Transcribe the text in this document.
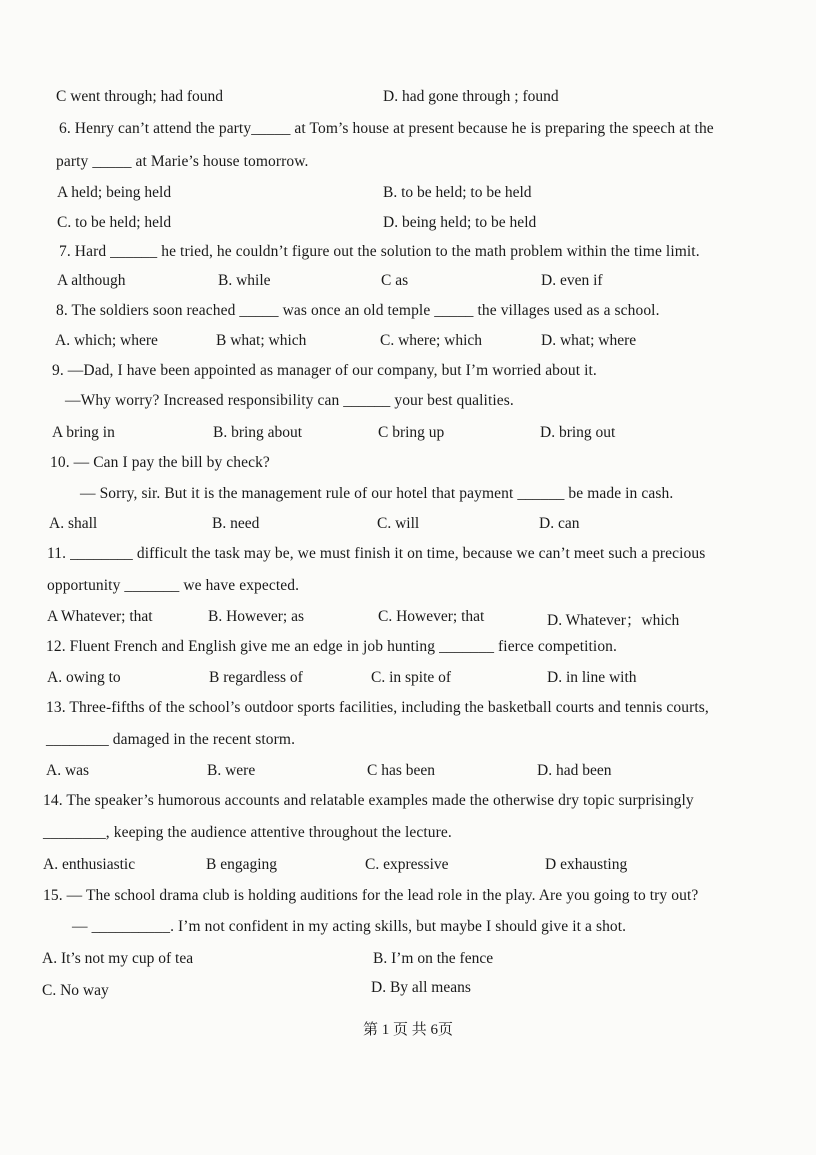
C went through; had found	D. had gone through ; found
6. Henry can’t attend the party_____ at Tom’s house at present because he is preparing the speech at the
party _____ at Marie’s house tomorrow.
A held; being held	B. to be held; to be held
C. to be held; held	D. being held; to be held
7. Hard ______ he tried, he couldn’t figure out the solution to the math problem within the time limit.
A although	B. while	C as	D. even if
8. The soldiers soon reached _____ was once an old temple _____ the villages used as a school.
A. which; where	B what; which	C. where; which	D. what; where
9. —Dad, I have been appointed as manager of our company, but I’m worried about it.
—Why worry? Increased responsibility can ______ your best qualities.
A bring in	B. bring about	C bring up	D. bring out
10. — Can I pay the bill by check?
— Sorry, sir. But it is the management rule of our hotel that payment ______ be made in cash.
A. shall	B. need	C. will	D. can
11. ________ difficult the task may be, we must finish it on time, because we can’t meet such a precious
opportunity _______ we have expected.
A Whatever; that	B. However; as	C. However; that	D. Whatever；which
12. Fluent French and English give me an edge in job hunting _______ fierce competition.
A. owing to	B regardless of	C. in spite of	D. in line with
13. Three-fifths of the school’s outdoor sports facilities, including the basketball courts and tennis courts,
________ damaged in the recent storm.
A. was	B. were	C has been	D. had been
14. The speaker’s humorous accounts and relatable examples made the otherwise dry topic surprisingly
________, keeping the audience attentive throughout the lecture.
A. enthusiastic	B engaging	C. expressive	D exhausting
15. — The school drama club is holding auditions for the lead role in the play. Are you going to try out?
— __________. I’m not confident in my acting skills, but maybe I should give it a shot.
A. It’s not my cup of tea	B. I’m on the fence
C. No way	D. By all means
第 1 页 共 6页
